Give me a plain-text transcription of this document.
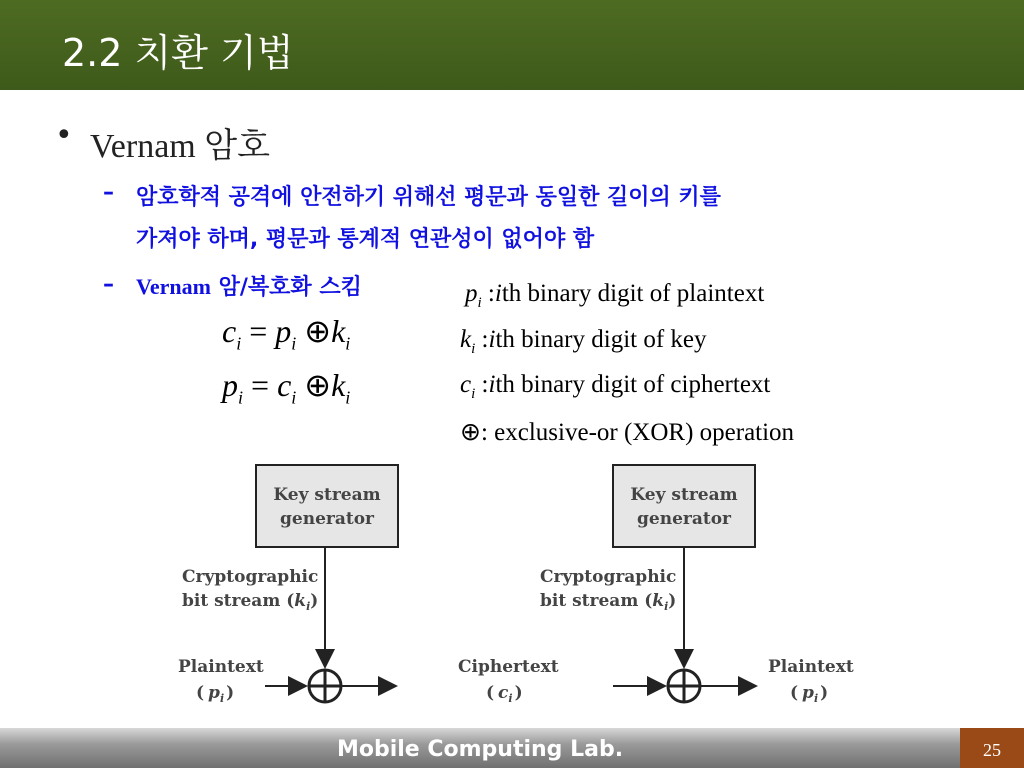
2.2 치환 기법
• Vernam 암호
– 암호학적 공격에 안전하기 위해선 평문과 동일한 길이의 키를
가져야 하며, 평문과 통계적 연관성이 없어야 함
– Vernam 암/복호화 스킴
$c_i = p_i$ $\oplus k_i$
$p_i = c_i$ $\oplus k_i$
$p_i$ :ith binary digit of plaintext
$k_i$ :ith binary digit of key
$c_i$ :ith binary digit of ciphertext
⊕: exclusive-or (XOR) operation
Key stream
generator
Cryptographic
bit stream $(k_i)$
Plaintext
( $p_i$ )
Ciphertext
( $c_i$ )
Key stream
generator
Cryptographic
bit stream $(k_i)$
Plaintext
( $p_i$ )
Mobile Computing Lab.	25
